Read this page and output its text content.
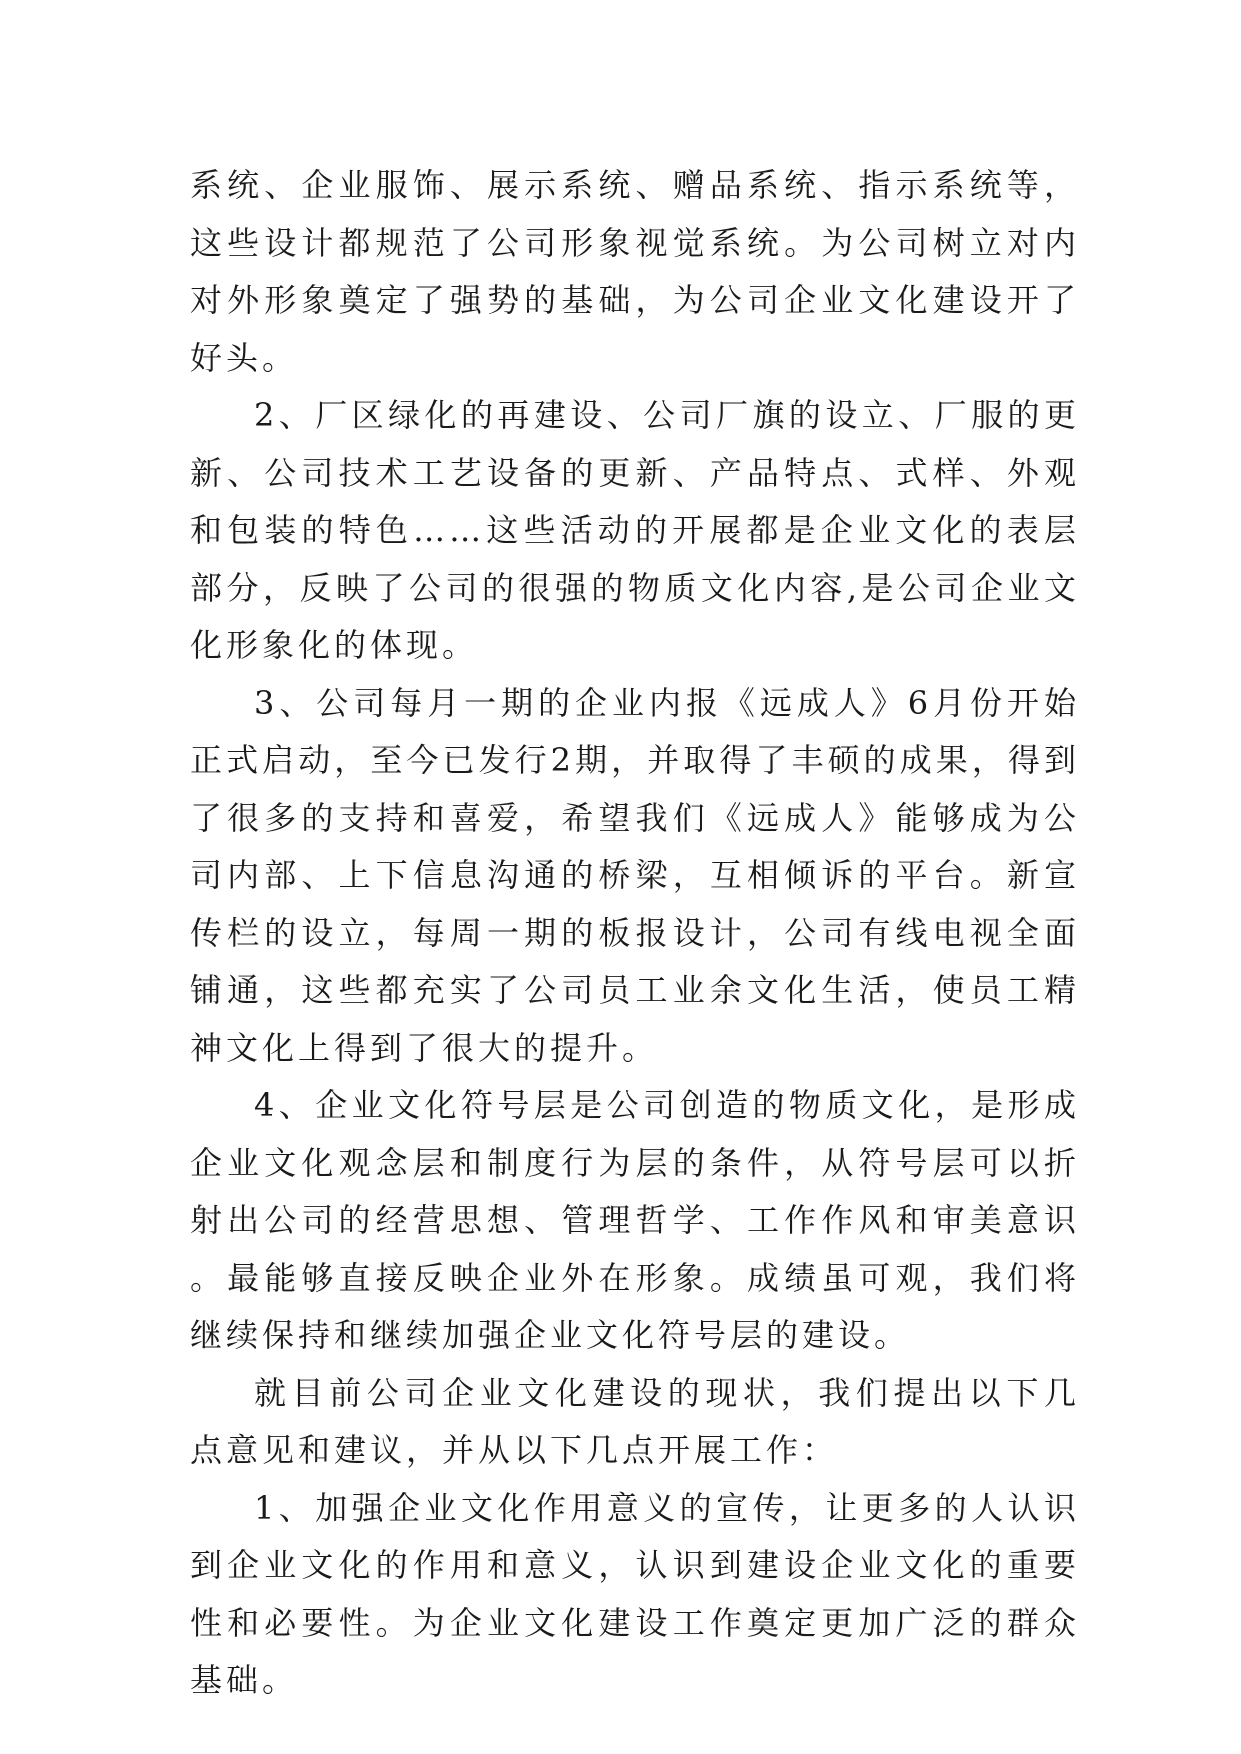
系统、企业服饰、展示系统、赠品系统、指示系统等，这些设计都规范了公司形象视觉系统。为公司树立对内对外形象奠定了强势的基础，为公司企业文化建设开了好头。

2、厂区绿化的再建设、公司厂旗的设立、厂服的更新、公司技术工艺设备的更新、产品特点、式样、外观和包装的特色……这些活动的开展都是企业文化的表层部分，反映了公司的很强的物质文化内容,是公司企业文化形象化的体现。

3、公司每月一期的企业内报《远成人》6月份开始正式启动，至今已发行2期，并取得了丰硕的成果，得到了很多的支持和喜爱，希望我们《远成人》能够成为公司内部、上下信息沟通的桥梁，互相倾诉的平台。新宣传栏的设立，每周一期的板报设计，公司有线电视全面铺通，这些都充实了公司员工业余文化生活，使员工精神文化上得到了很大的提升。

4、企业文化符号层是公司创造的物质文化，是形成企业文化观念层和制度行为层的条件，从符号层可以折射出公司的经营思想、管理哲学、工作作风和审美意识。最能够直接反映企业外在形象。成绩虽可观，我们将继续保持和继续加强企业文化符号层的建设。

就目前公司企业文化建设的现状，我们提出以下几点意见和建议，并从以下几点开展工作：

1、加强企业文化作用意义的宣传，让更多的人认识到企业文化的作用和意义，认识到建设企业文化的重要性和必要性。为企业文化建设工作奠定更加广泛的群众基础。
